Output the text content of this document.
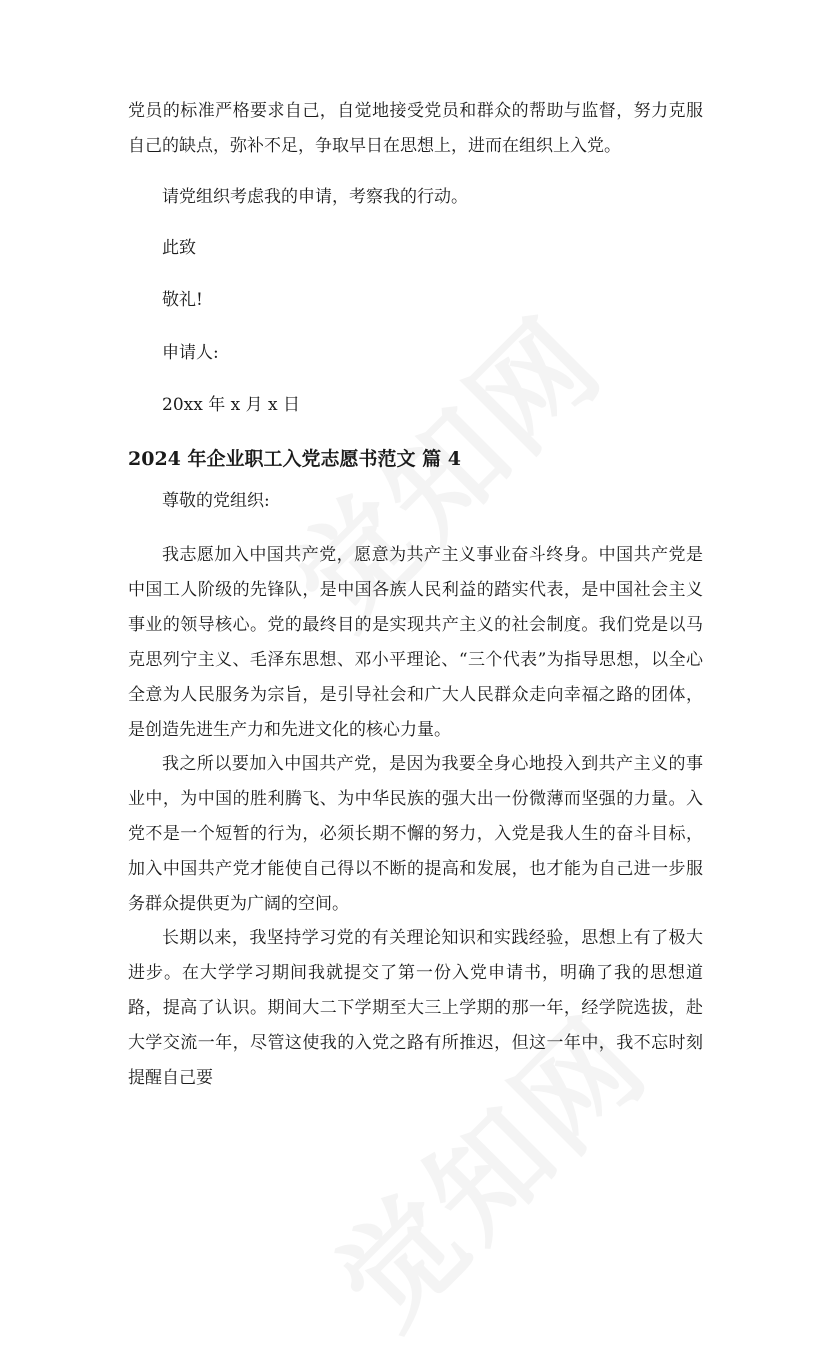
党员的标准严格要求自己，自觉地接受党员和群众的帮助与监督，努力克服自己的缺点，弥补不足，争取早日在思想上，进而在组织上入党。

请党组织考虑我的申请，考察我的行动。

此致

敬礼!

申请人:

20xx 年 x 月 x 日

2024 年企业职工入党志愿书范文 篇 4

尊敬的党组织:

我志愿加入中国共产党，愿意为共产主义事业奋斗终身。中国共产党是中国工人阶级的先锋队，是中国各族人民利益的踏实代表，是中国社会主义事业的领导核心。党的最终目的是实现共产主义的社会制度。我们党是以马克思列宁主义、毛泽东思想、邓小平理论、“三个代表”为指导思想，以全心全意为人民服务为宗旨，是引导社会和广大人民群众走向幸福之路的团体，是创造先进生产力和先进文化的核心力量。

我之所以要加入中国共产党，是因为我要全身心地投入到共产主义的事业中，为中国的胜利腾飞、为中华民族的强大出一份微薄而坚强的力量。入党不是一个短暂的行为，必须长期不懈的努力，入党是我人生的奋斗目标，加入中国共产党才能使自己得以不断的提高和发展，也才能为自己进一步服务群众提供更为广阔的空间。

长期以来，我坚持学习党的有关理论知识和实践经验，思想上有了极大进步。在大学学习期间我就提交了第一份入党申请书，明确了我的思想道路，提高了认识。期间大二下学期至大三上学期的那一年，经学院选拔，赴大学交流一年，尽管这使我的入党之路有所推迟，但这一年中，我不忘时刻提醒自己要
